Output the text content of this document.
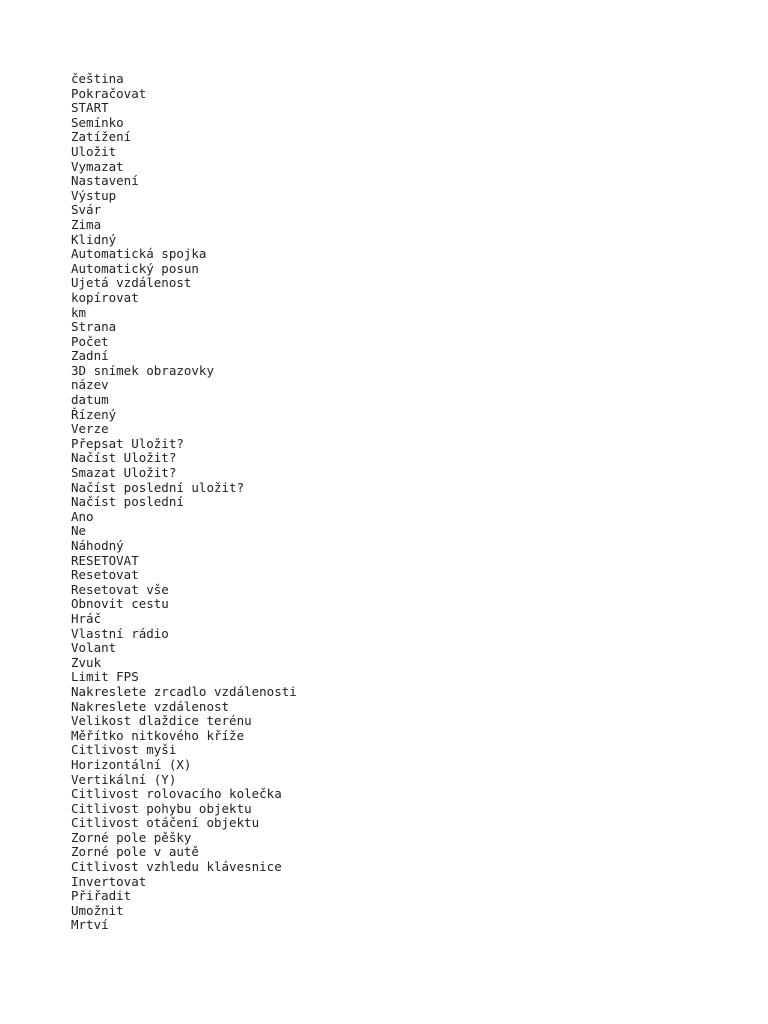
čeština
Pokračovat
START
Semínko
Zatížení
Uložit
Vymazat
Nastavení
Výstup
Svár
Zima
Klidný
Automatická spojka
Automatický posun
Ujetá vzdálenost
kopírovat
km
Strana
Počet
Zadní
3D snímek obrazovky
název
datum
Řízený
Verze
Přepsat Uložit?
Načíst Uložit?
Smazat Uložit?
Načíst poslední uložit?
Načíst poslední
Ano
Ne
Náhodný
RESETOVAT
Resetovat
Resetovat vše
Obnovit cestu
Hráč
Vlastní rádio
Volant
Zvuk
Limit FPS
Nakreslete zrcadlo vzdálenosti
Nakreslete vzdálenost
Velikost dlaždice terénu
Měřítko nitkového kříže
Citlivost myši
Horizontální (X)
Vertikální (Y)
Citlivost rolovacího kolečka
Citlivost pohybu objektu
Citlivost otáčení objektu
Zorné pole pěšky
Zorné pole v autě
Citlivost vzhledu klávesnice
Invertovat
Přiřadit
Umožnit
Mrtví
